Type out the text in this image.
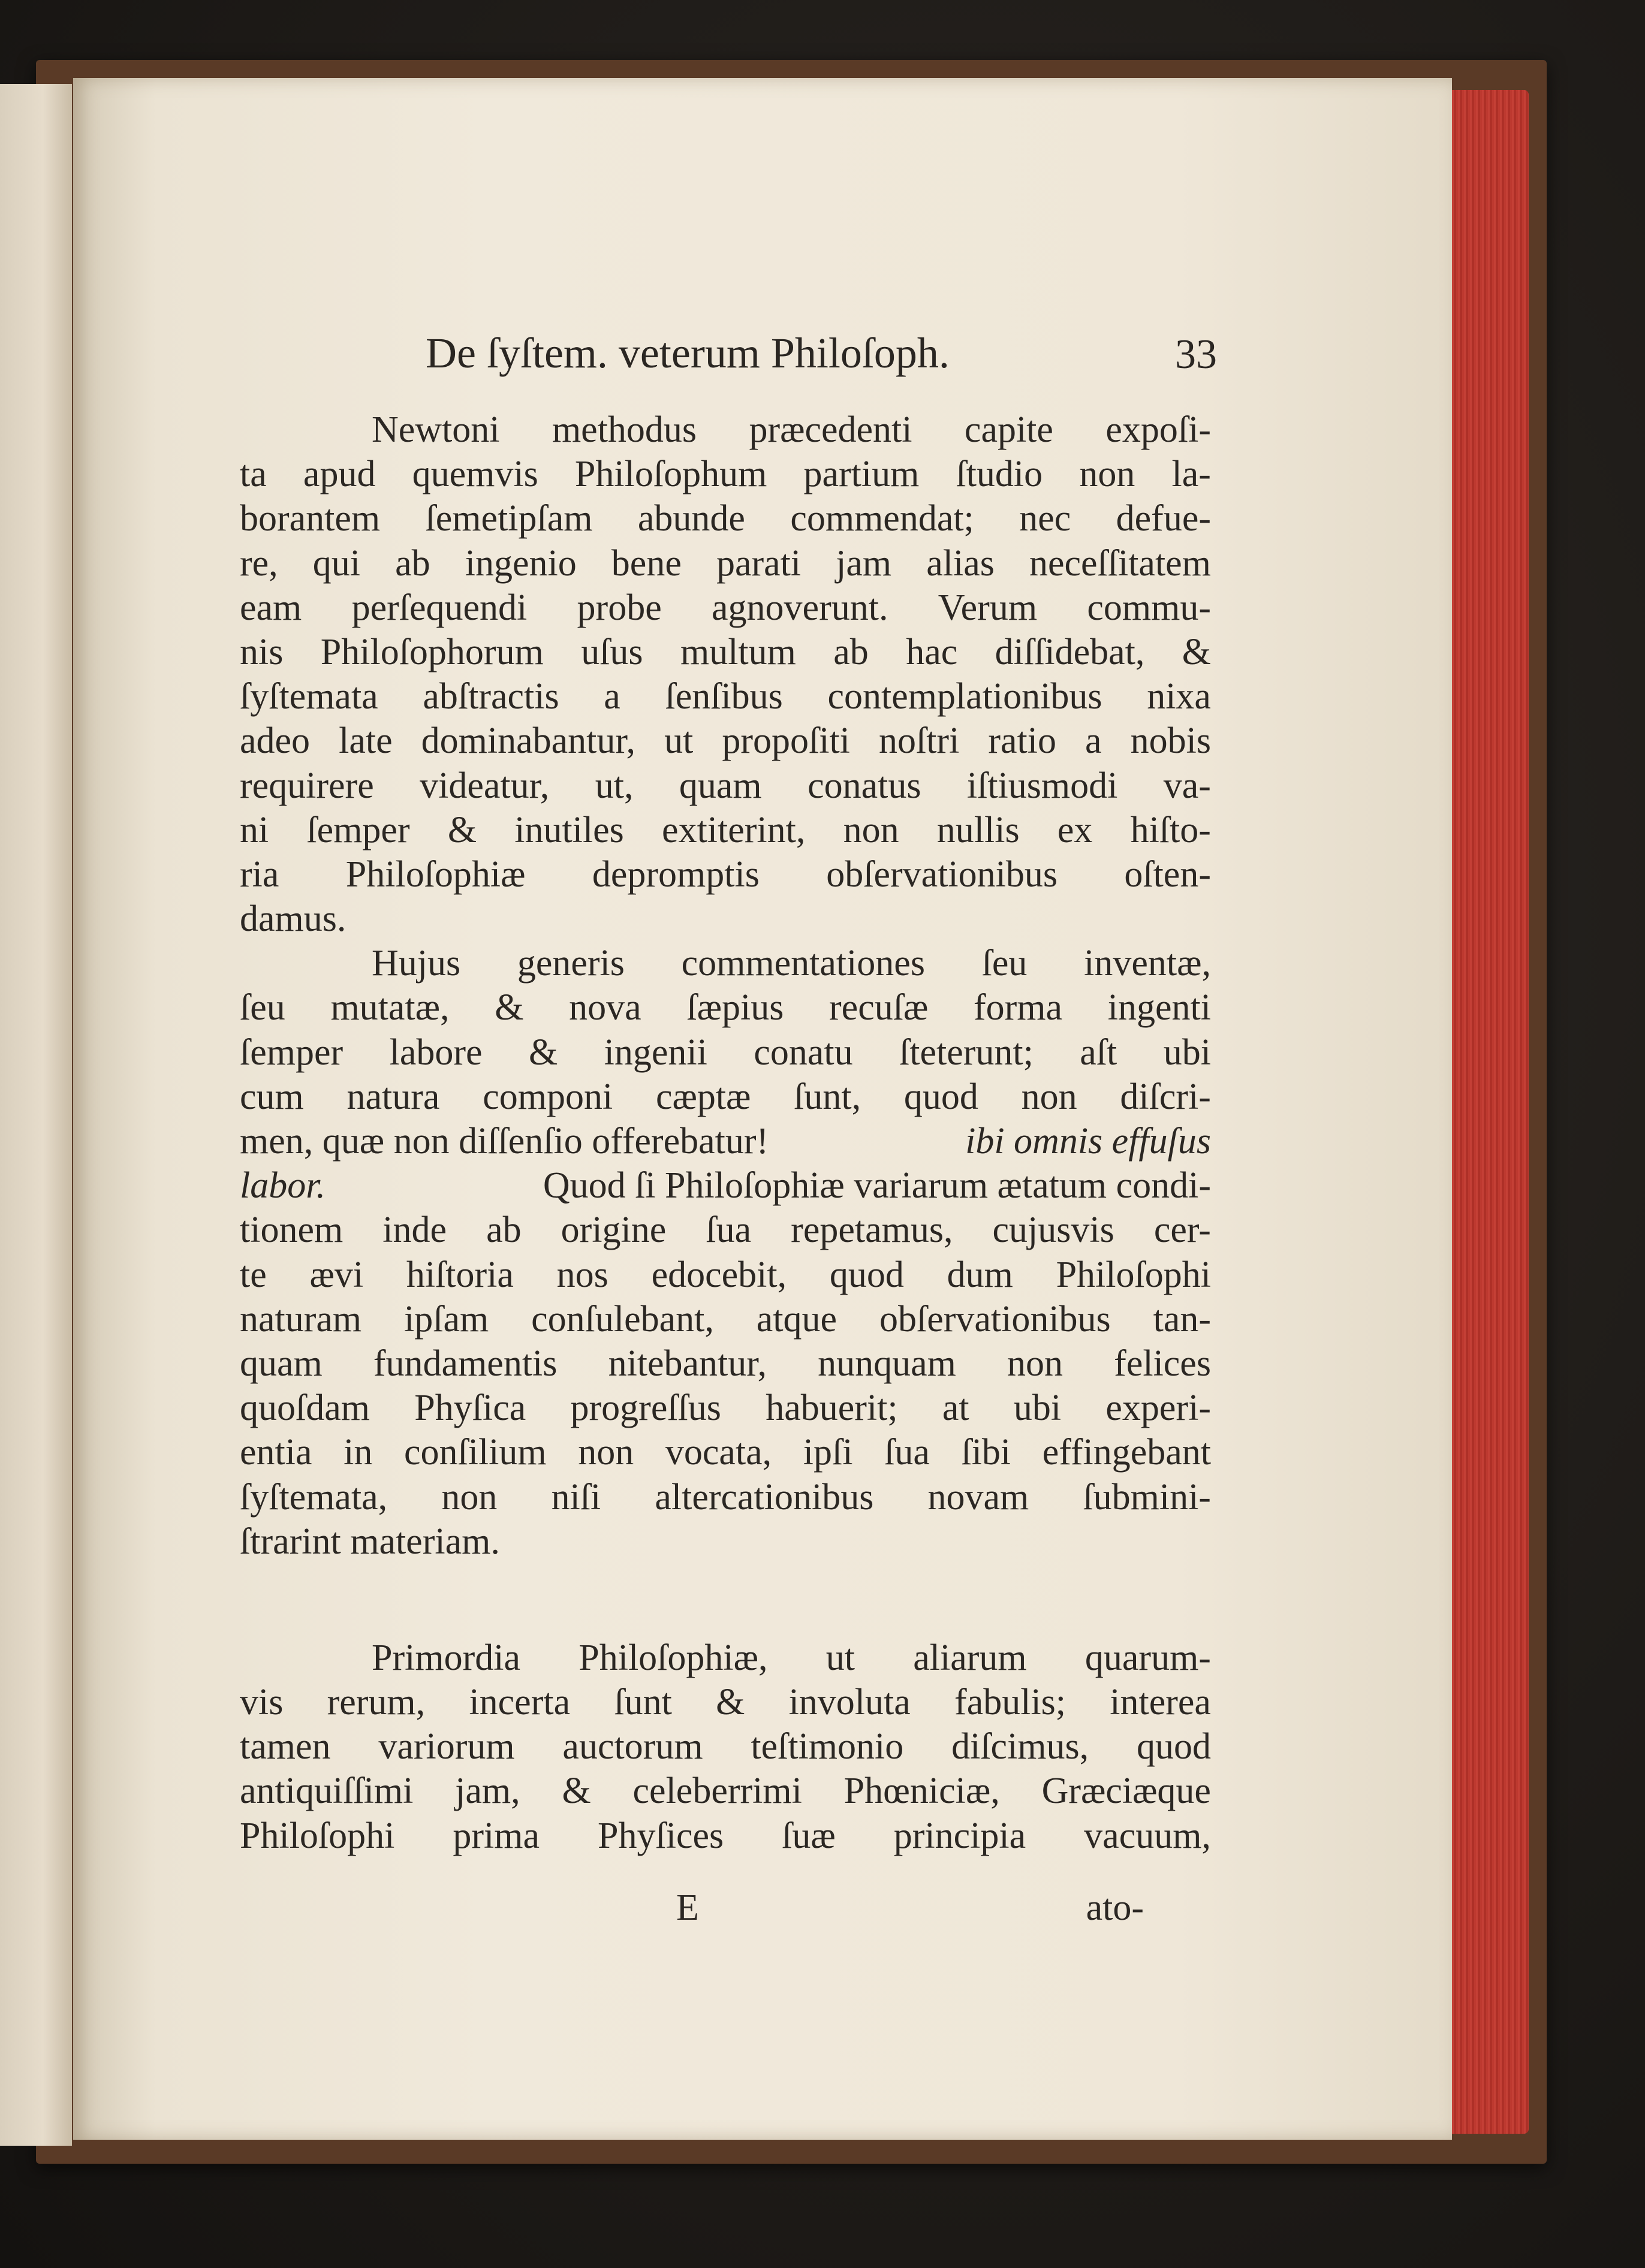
De ſyſtem. veterum Philoſoph.	33
Newtoni methodus præcedenti capite expoſi-
ta apud quemvis Philoſophum partium ſtudio non la-
borantem ſemetipſam abunde commendat; nec defue-
re, qui ab ingenio bene parati jam alias neceſſitatem
eam perſequendi probe agnoverunt. Verum commu-
nis Philoſophorum uſus multum ab hac diſſidebat, &
ſyſtemata abſtractis a ſenſibus contemplationibus nixa
adeo late dominabantur, ut propoſiti noſtri ratio a nobis
requirere videatur, ut, quam conatus iſtiusmodi va-
ni ſemper & inutiles extiterint, non nullis ex hiſto-
ria Philoſophiæ depromptis obſervationibus oſten-
damus.
Hujus generis commentationes ſeu inventæ,
ſeu mutatæ, & nova ſæpius recuſæ forma ingenti
ſemper labore & ingenii conatu ſteterunt; aſt ubi
cum natura componi cæptæ ſunt, quod non diſcri-
men, quæ non diſſenſio offerebatur!	ibi omnis effuſus
labor.	Quod ſi Philoſophiæ variarum ætatum condi-
tionem inde ab origine ſua repetamus, cujusvis cer-
te ævi hiſtoria nos edocebit, quod dum Philoſophi
naturam ipſam conſulebant, atque obſervationibus tan-
quam fundamentis nitebantur, nunquam non felices
quoſdam Phyſica progreſſus habuerit; at ubi experi-
entia in conſilium non vocata, ipſi ſua ſibi effingebant
ſyſtemata, non niſi altercationibus novam ſubmini-
ſtrarint materiam.
Primordia Philoſophiæ, ut aliarum quarum-
vis rerum, incerta ſunt & involuta fabulis; interea
tamen variorum auctorum teſtimonio diſcimus, quod
antiquiſſimi jam, & celeberrimi Phœniciæ, Græciæque
Philoſophi prima Phyſices ſuæ principia vacuum,
E	ato-
